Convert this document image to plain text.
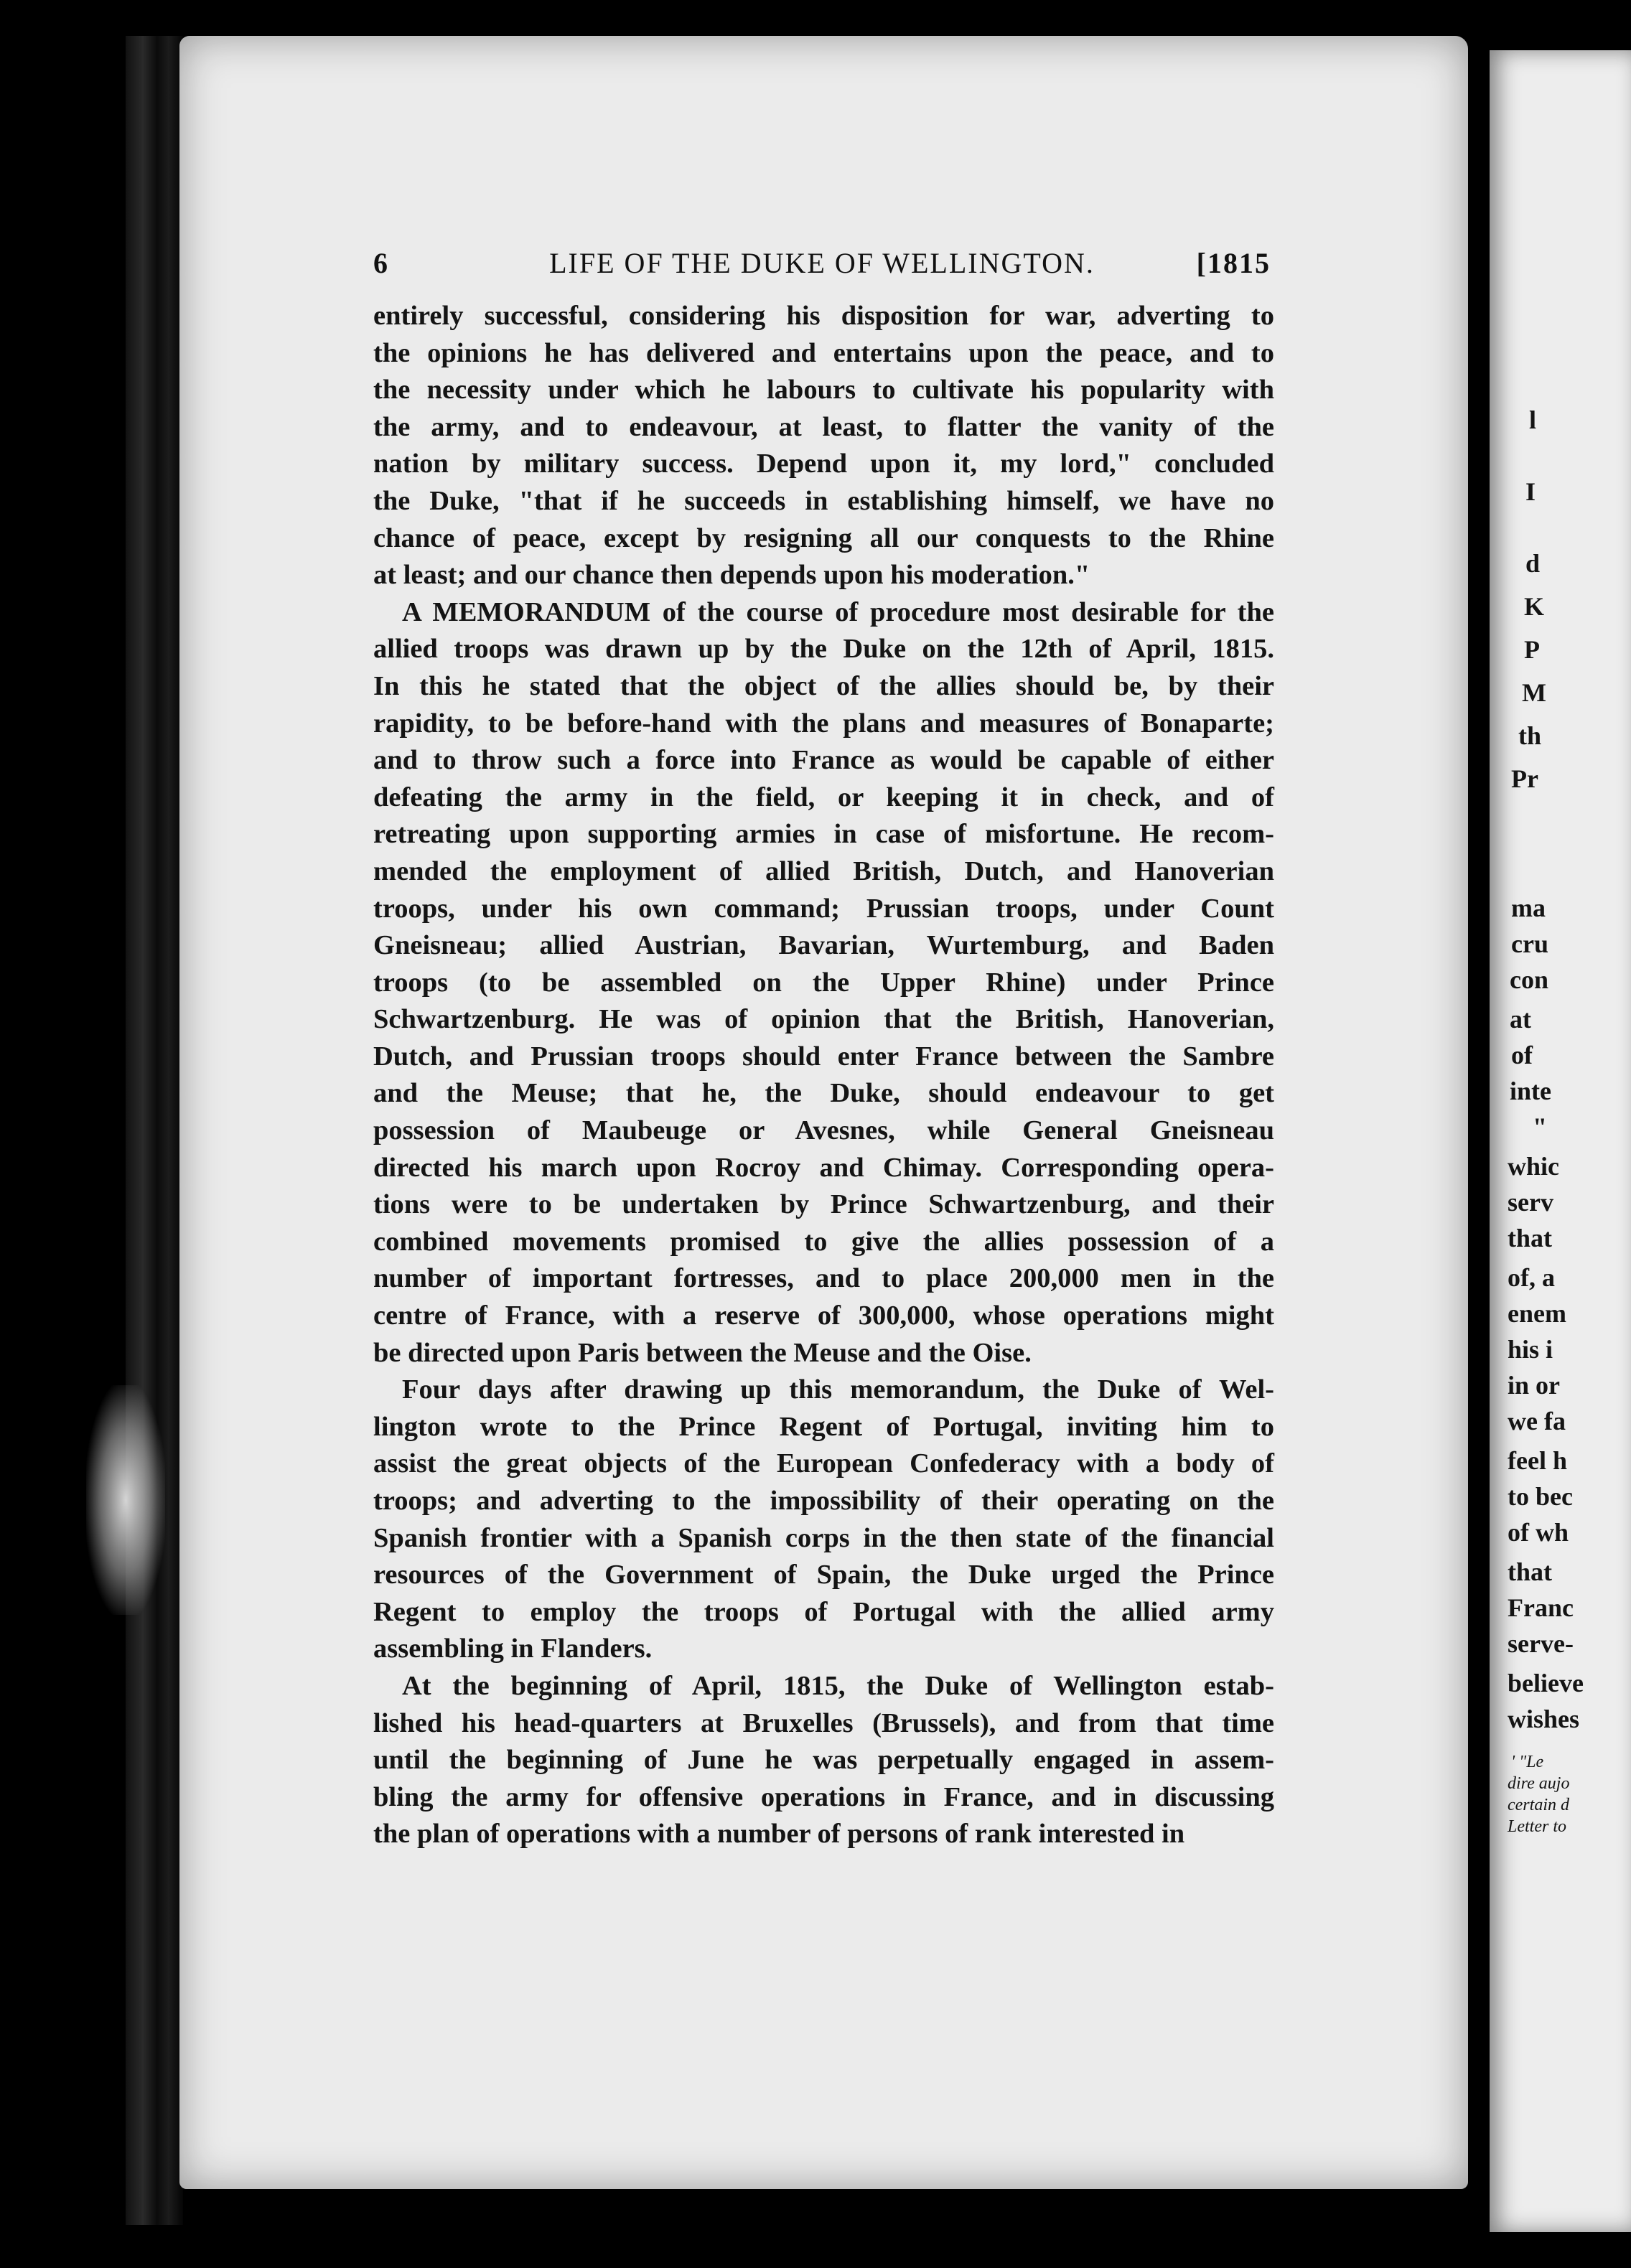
6	LIFE OF THE DUKE OF WELLINGTON.	[1815
entirely successful, considering his disposition for war, adverting to
the opinions he has delivered and entertains upon the peace, and to
the necessity under which he labours to cultivate his popularity with
the army, and to endeavour, at least, to flatter the vanity of the
nation by military success. Depend upon it, my lord," concluded
the Duke, "that if he succeeds in establishing himself, we have no
chance of peace, except by resigning all our conquests to the Rhine
at least; and our chance then depends upon his moderation."
A MEMORANDUM of the course of procedure most desirable for the
allied troops was drawn up by the Duke on the 12th of April, 1815.
In this he stated that the object of the allies should be, by their
rapidity, to be before-hand with the plans and measures of Bonaparte;
and to throw such a force into France as would be capable of either
defeating the army in the field, or keeping it in check, and of
retreating upon supporting armies in case of misfortune. He recom-
mended the employment of allied British, Dutch, and Hanoverian
troops, under his own command; Prussian troops, under Count
Gneisneau; allied Austrian, Bavarian, Wurtemburg, and Baden
troops (to be assembled on the Upper Rhine) under Prince
Schwartzenburg. He was of opinion that the British, Hanoverian,
Dutch, and Prussian troops should enter France between the Sambre
and the Meuse; that he, the Duke, should endeavour to get
possession of Maubeuge or Avesnes, while General Gneisneau
directed his march upon Rocroy and Chimay. Corresponding opera-
tions were to be undertaken by Prince Schwartzenburg, and their
combined movements promised to give the allies possession of a
number of important fortresses, and to place 200,000 men in the
centre of France, with a reserve of 300,000, whose operations might
be directed upon Paris between the Meuse and the Oise.
Four days after drawing up this memorandum, the Duke of Wel-
lington wrote to the Prince Regent of Portugal, inviting him to
assist the great objects of the European Confederacy with a body of
troops; and adverting to the impossibility of their operating on the
Spanish frontier with a Spanish corps in the then state of the financial
resources of the Government of Spain, the Duke urged the Prince
Regent to employ the troops of Portugal with the allied army
assembling in Flanders.
At the beginning of April, 1815, the Duke of Wellington estab-
lished his head-quarters at Bruxelles (Brussels), and from that time
until the beginning of June he was perpetually engaged in assem-
bling the army for offensive operations in France, and in discussing
the plan of operations with a number of persons of rank interested in
l
I
d
K
P
M
th
Pr
ma
cru
con
at
of
inte
"
whic
serv
that
of, a
enem
his i
in or
we fa
feel h
to bec
of wh
that
Franc
serve-
believe
wishes
' "Le
dire aujo
certain d
Letter to
